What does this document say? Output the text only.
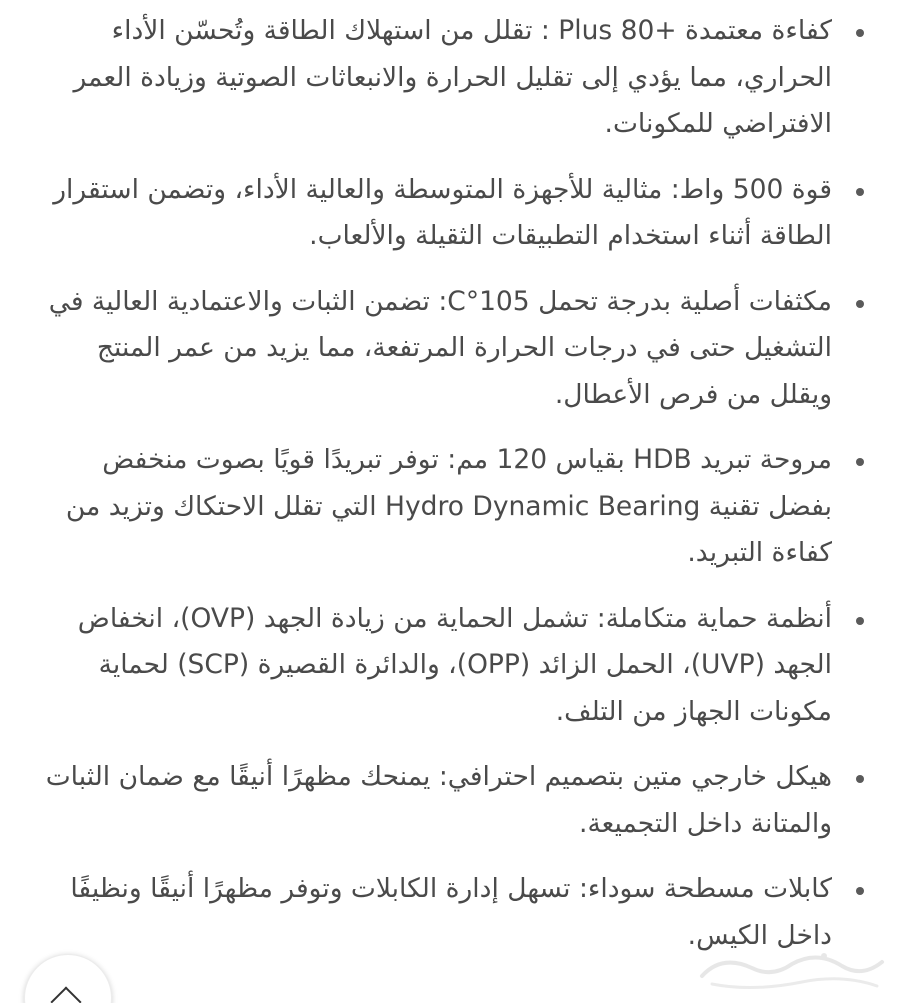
كفاءة معتمدة +80 Plus : تقلل من استهلاك الطاقة وتُحسّن الأداء الحراري، مما يؤدي إلى تقليل الحرارة والانبعاثات الصوتية وزيادة العمر الافتراضي للمكونات.
قوة 500 واط: مثالية للأجهزة المتوسطة والعالية الأداء، وتضمن استقرار الطاقة أثناء استخدام التطبيقات الثقيلة والألعاب.
مكثفات أصلية بدرجة تحمل 105°C: تضمن الثبات والاعتمادية العالية في التشغيل حتى في درجات الحرارة المرتفعة، مما يزيد من عمر المنتج ويقلل من فرص الأعطال.
مروحة تبريد HDB بقياس 120 مم: توفر تبريدًا قويًا بصوت منخفض بفضل تقنية Hydro Dynamic Bearing التي تقلل الاحتكاك وتزيد من كفاءة التبريد.
أنظمة حماية متكاملة: تشمل الحماية من زيادة الجهد (OVP)، انخفاض الجهد (UVP)، الحمل الزائد (OPP)، والدائرة القصيرة (SCP) لحماية مكونات الجهاز من التلف.
هيكل خارجي متين بتصميم احترافي: يمنحك مظهرًا أنيقًا مع ضمان الثبات والمتانة داخل التجميعة.
كابلات مسطحة سوداء: تسهل إدارة الكابلات وتوفر مظهرًا أنيقًا ونظيفًا داخل الكيس.
